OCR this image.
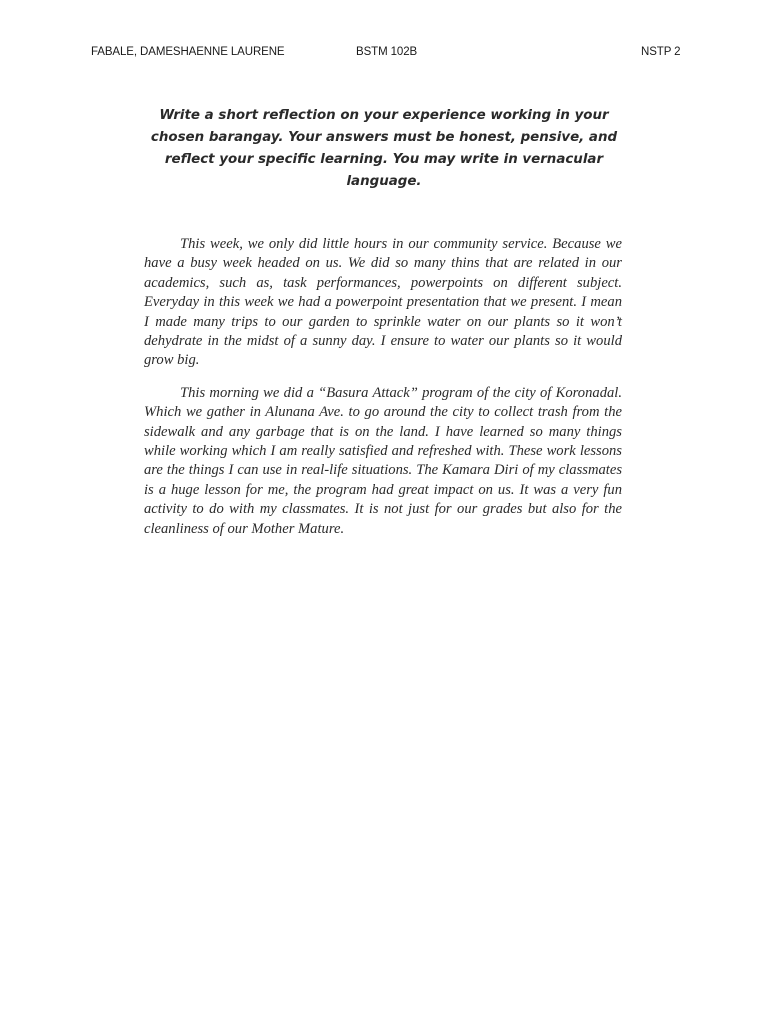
FABALE, DAMESHAENNE LAURENE	BSTM 102B	NSTP 2
Write a short reflection on your experience working in your chosen barangay. Your answers must be honest, pensive, and reflect your specific learning. You may write in vernacular language.

This week, we only did little hours in our community service. Because we have a busy week headed on us. We did so many thins that are related in our academics, such as, task performances, powerpoints on different subject. Everyday in this week we had a powerpoint presentation that we present. I mean I made many trips to our garden to sprinkle water on our plants so it won’t dehydrate in the midst of a sunny day. I ensure to water our plants so it would grow big.

This morning we did a “Basura Attack” program of the city of Koronadal. Which we gather in Alunana Ave. to go around the city to collect trash from the sidewalk and any garbage that is on the land. I have learned so many things while working which I am really satisfied and refreshed with. These work lessons are the things I can use in real-life situations. The Kamara Diri of my classmates is a huge lesson for me, the program had great impact on us. It was a very fun activity to do with my classmates. It is not just for our grades but also for the cleanliness of our Mother Mature.
